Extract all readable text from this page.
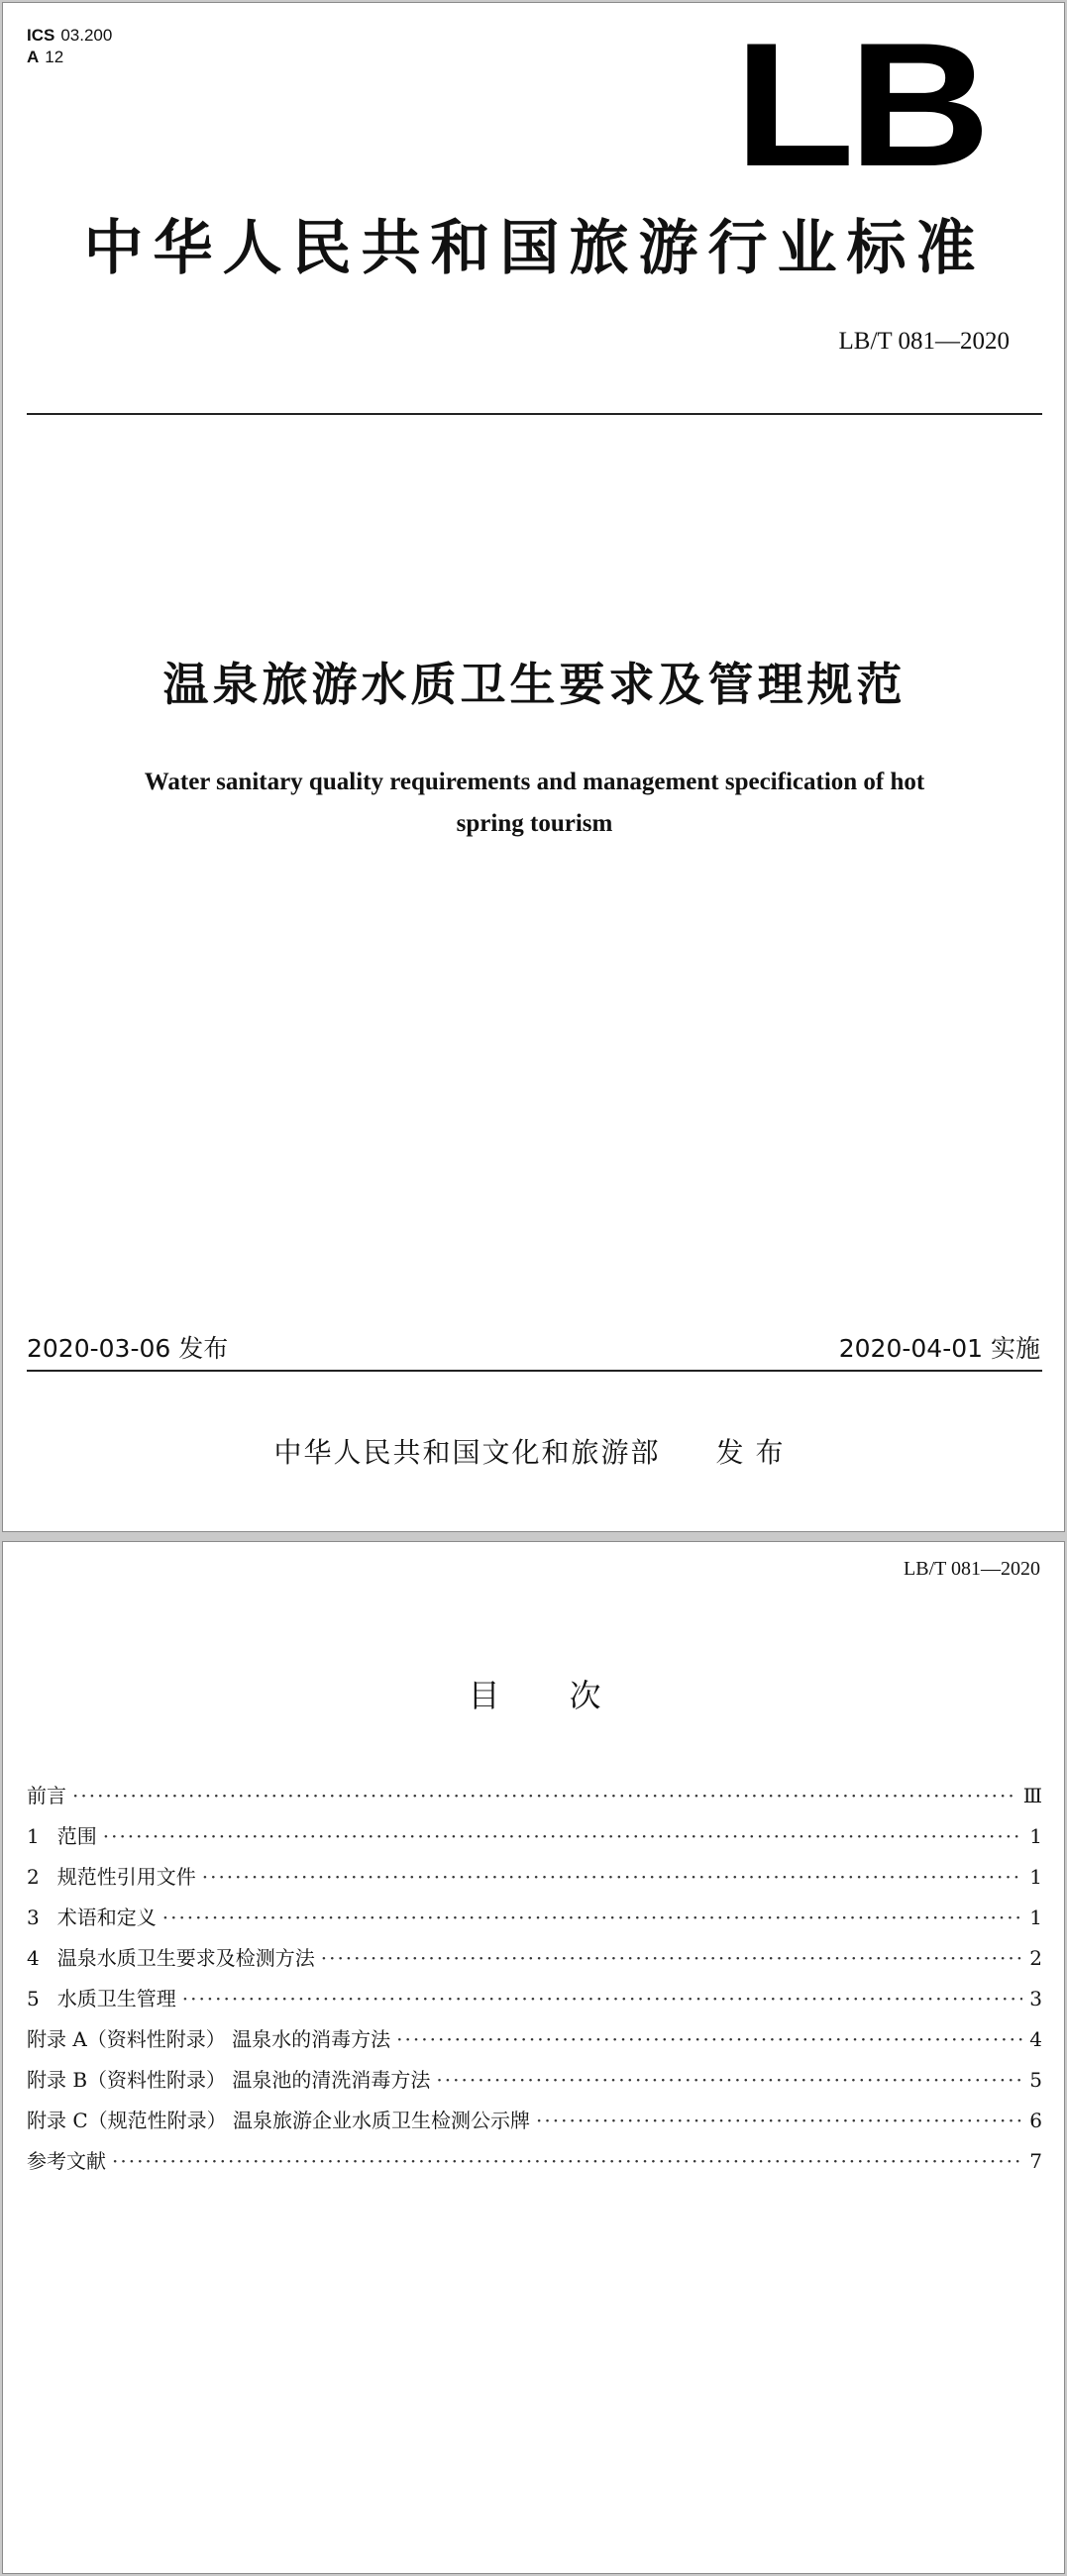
ICS 03.200
A 12	LB
中华人民共和国旅游行业标准
LB/T 081—2020
温泉旅游水质卫生要求及管理规范
Water sanitary quality requirements and management specification of hot
spring tourism
2020-03-06 发布	2020-04-01 实施
中华人民共和国文化和旅游部 发布
LB/T 081—2020
目次
前言 ·····	Ⅲ
1 范围 ·····	1
2 规范性引用文件 ·····	1
3 术语和定义 ·····	1
4 温泉水质卫生要求及检测方法 ·····	2
5 水质卫生管理 ·····	3
附录 A（资料性附录） 温泉水的消毒方法 ·····	4
附录 B（资料性附录） 温泉池的清洗消毒方法 ·····	5
附录 C（规范性附录） 温泉旅游企业水质卫生检测公示牌 ·····	6
参考文献 ·····	7
